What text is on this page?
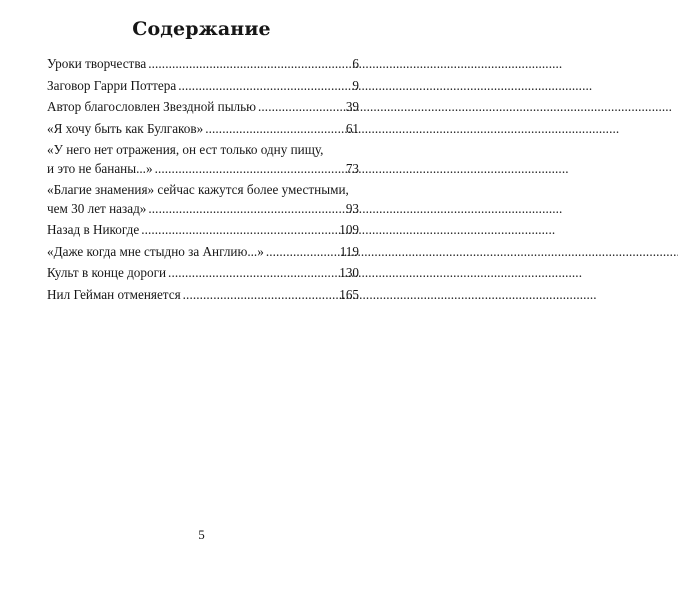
Содержание
Уроки творчества . . .	6
Заговор Гарри Поттера . . .	9
Автор благословлен Звездной пылью . . .	39
«Я хочу быть как Булгаков» . . .	61
«У него нет отражения, он ест только одну пищу,
и это не бананы...» . . .	73
«Благие знамения» сейчас кажутся более уместными,
чем 30 лет назад» . . .	93
Назад в Никогде . . .	109
«Даже когда мне стыдно за Англию...» . . .	119
Культ в конце дороги . . .	130
Нил Гейман отменяется . . .	165
5
